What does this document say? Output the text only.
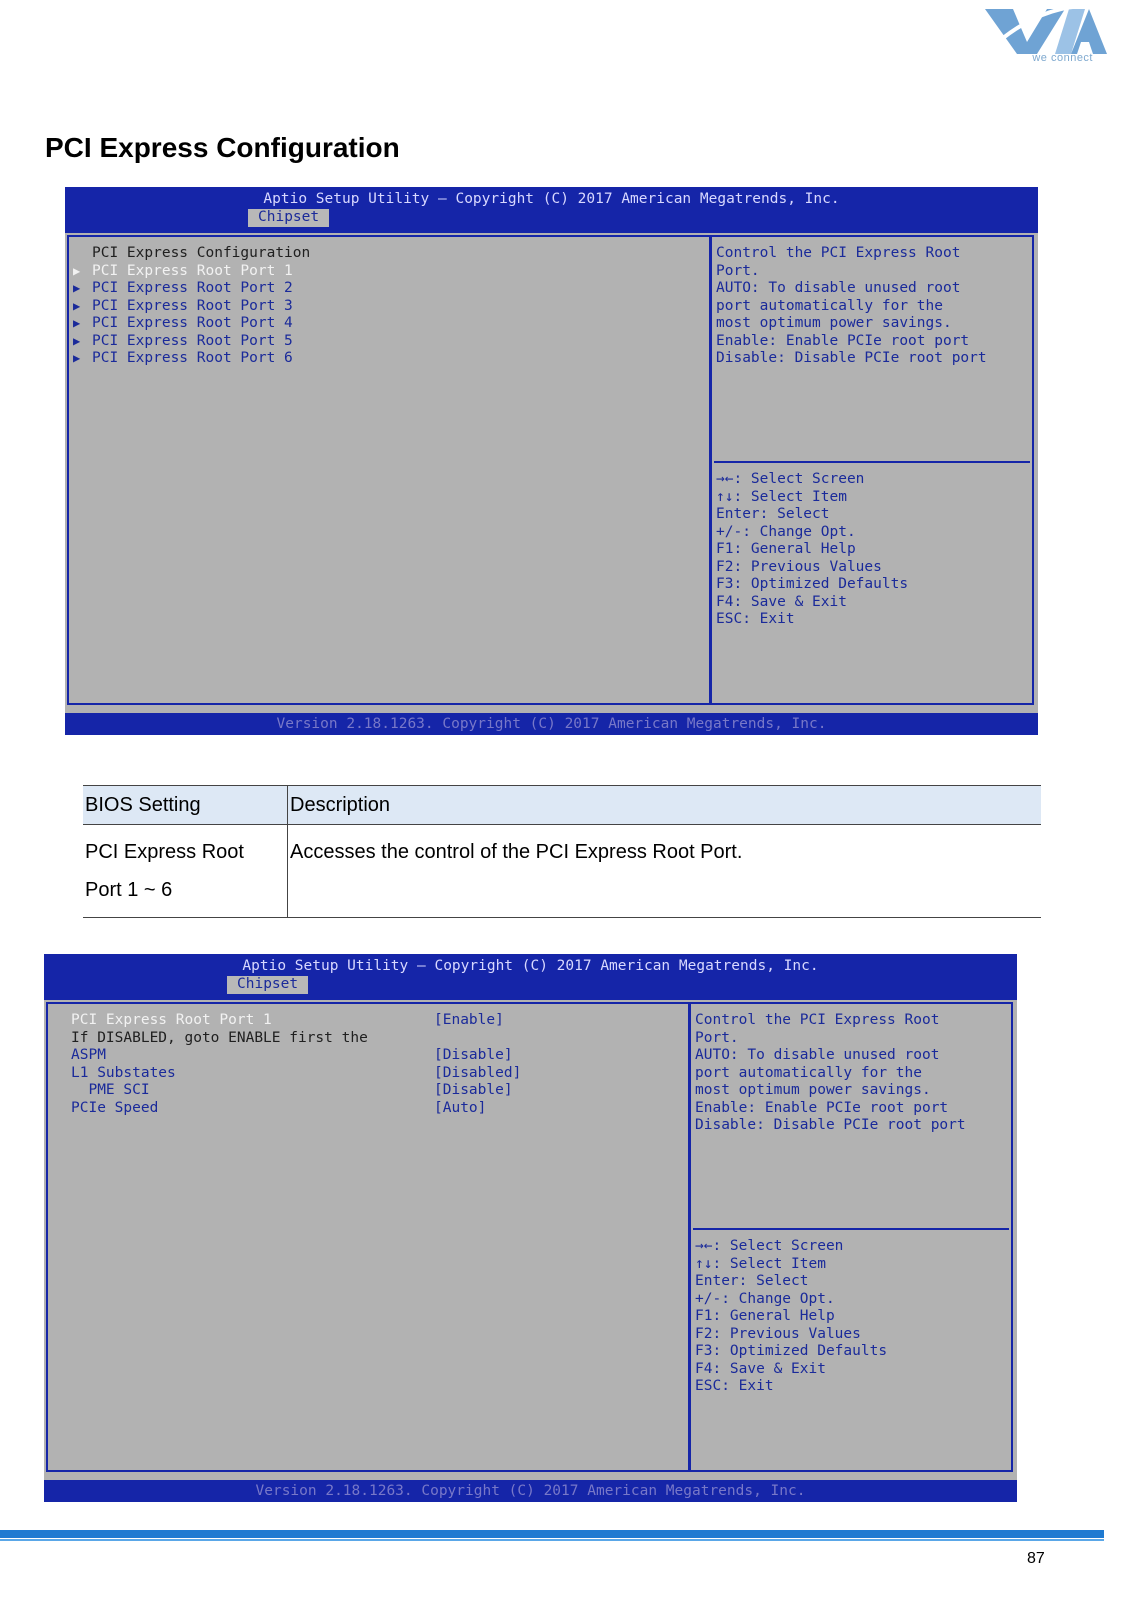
we connect
PCI Express Configuration
Aptio Setup Utility – Copyright (C) 2017 American Megatrends, Inc.
Chipset
PCI Express Configuration
▶ PCI Express Root Port 1
▶ PCI Express Root Port 2
▶ PCI Express Root Port 3
▶ PCI Express Root Port 4
▶ PCI Express Root Port 5
▶ PCI Express Root Port 6
Control the PCI Express Root
Port.
AUTO: To disable unused root
port automatically for the
most optimum power savings.
Enable: Enable PCIe root port
Disable: Disable PCIe root port
→←: Select Screen
↑↓: Select Item
Enter: Select
+/-: Change Opt.
F1: General Help
F2: Previous Values
F3: Optimized Defaults
F4: Save & Exit
ESC: Exit
Version 2.18.1263. Copyright (C) 2017 American Megatrends, Inc.
BIOS Setting	Description

PCI Express Root
Port 1 ~ 6	Accesses the control of the PCI Express Root Port.
Aptio Setup Utility – Copyright (C) 2017 American Megatrends, Inc.
Chipset
PCI Express Root Port 1	[Enable]
If DISABLED, goto ENABLE first the
ASPM	[Disable]
L1 Substates	[Disabled]
PME SCI	[Disable]
PCIe Speed	[Auto]
Control the PCI Express Root
Port.
AUTO: To disable unused root
port automatically for the
most optimum power savings.
Enable: Enable PCIe root port
Disable: Disable PCIe root port
→←: Select Screen
↑↓: Select Item
Enter: Select
+/-: Change Opt.
F1: General Help
F2: Previous Values
F3: Optimized Defaults
F4: Save & Exit
ESC: Exit
Version 2.18.1263. Copyright (C) 2017 American Megatrends, Inc.
87
